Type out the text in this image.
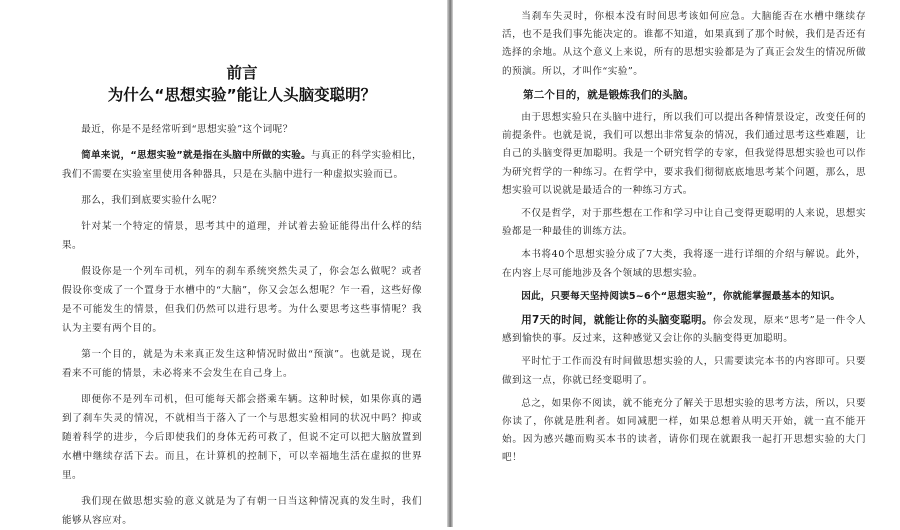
前言
为什么“思想实验”能让人头脑变聪明？

最近，你是不是经常听到“思想实验”这个词呢？

简单来说，“思想实验”就是指在头脑中所做的实验。与真正的科学实验相比，我们不需要在实验室里使用各种器具，只是在头脑中进行一种虚拟实验而已。

那么，我们到底要实验什么呢？

针对某一个特定的情景，思考其中的道理，并试着去验证能得出什么样的结果。

假设你是一个列车司机，列车的刹车系统突然失灵了，你会怎么做呢？或者假设你变成了一个置身于水槽中的“大脑”，你又会怎么想呢？乍一看，这些好像是不可能发生的情景，但我们仍然可以进行思考。为什么要思考这些事情呢？我认为主要有两个目的。

第一个目的，就是为未来真正发生这种情况时做出“预演”。也就是说，现在看来不可能的情景，未必将来不会发生在自己身上。

即便你不是列车司机，但可能每天都会搭乘车辆。这种时候，如果你真的遇到了刹车失灵的情况，不就相当于落入了一个与思想实验相同的状况中吗？抑或随着科学的进步，今后即使我们的身体无药可救了，但说不定可以把大脑放置到水槽中继续存活下去。而且，在计算机的控制下，可以幸福地生活在虚拟的世界里。

我们现在做思想实验的意义就是为了有朝一日当这种情况真的发生时，我们能够从容应对。

当刹车失灵时，你根本没有时间思考该如何应急。大脑能否在水槽中继续存活，也不是我们事先能决定的。谁都不知道，如果真到了那个时候，我们是否还有选择的余地。从这个意义上来说，所有的思想实验都是为了真正会发生的情况所做的预演。所以，才叫作“实验”。

第二个目的，就是锻炼我们的头脑。

由于思想实验只在头脑中进行，所以我们可以提出各种情景设定，改变任何的前提条件。也就是说，我们可以想出非常复杂的情况，我们通过思考这些难题，让自己的头脑变得更加聪明。我是一个研究哲学的专家，但我觉得思想实验也可以作为研究哲学的一种练习。在哲学中，要求我们彻彻底底地思考某个问题，那么，思想实验可以说就是最适合的一种练习方式。

不仅是哲学，对于那些想在工作和学习中让自己变得更聪明的人来说，思想实验都是一种最佳的训练方法。

本书将40个思想实验分成了7大类，我将逐一进行详细的介绍与解说。此外，在内容上尽可能地涉及各个领域的思想实验。

因此，只要每天坚持阅读5~6个“思想实验”，你就能掌握最基本的知识。

用7天的时间，就能让你的头脑变聪明。你会发现，原来“思考”是一件令人感到愉快的事。反过来，这种感觉又会让你的头脑变得更加聪明。

平时忙于工作而没有时间做思想实验的人，只需要读完本书的内容即可。只要做到这一点，你就已经变聪明了。

总之，如果你不阅读，就不能充分了解关于思想实验的思考方法，所以，只要你读了，你就是胜利者。如同减肥一样，如果总想着从明天开始，就一直不能开始。因为感兴趣而购买本书的读者，请你们现在就跟我一起打开思想实验的大门吧！
